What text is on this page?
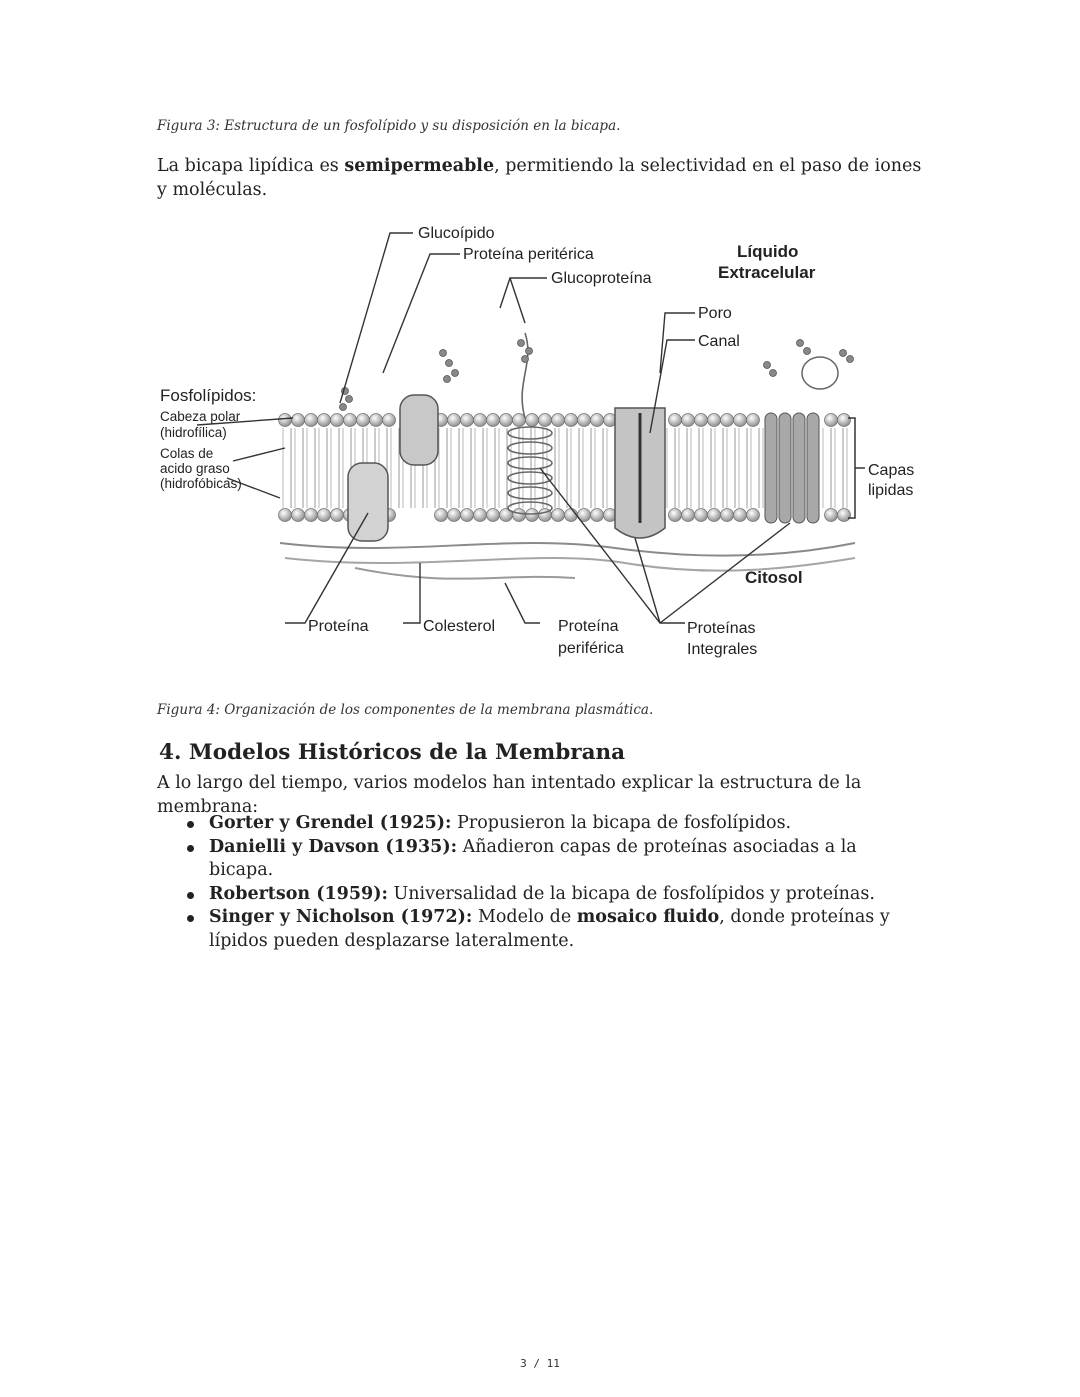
Figura 3: Estructura de un fosfolípido y su disposición en la bicapa.
La bicapa lipídica es semipermeable, permitiendo la selectividad en el paso de iones y moléculas.
Glucoípido
Proteína peritérica
Glucoproteína
Líquido
Extracelular
Poro
Canal
Fosfolípidos:
Cabeza polar
(hidrofílica)
Colas de
acido graso
(hidrofóbicas)
Capas
lipidas
Citosol
Proteína	Colesterol	Proteína
periférica
Proteínas
Integrales
Figura 4: Organización de los componentes de la membrana plasmática.
4. Modelos Históricos de la Membrana
A lo largo del tiempo, varios modelos han intentado explicar la estructura de la membrana:
Gorter y Grendel (1925): Propusieron la bicapa de fosfolípidos.
Danielli y Davson (1935): Añadieron capas de proteínas asociadas a la bicapa.
Robertson (1959): Universalidad de la bicapa de fosfolípidos y proteínas.
Singer y Nicholson (1972): Modelo de mosaico fluido, donde proteínas y lípidos pueden desplazarse lateralmente.
3 / 11
